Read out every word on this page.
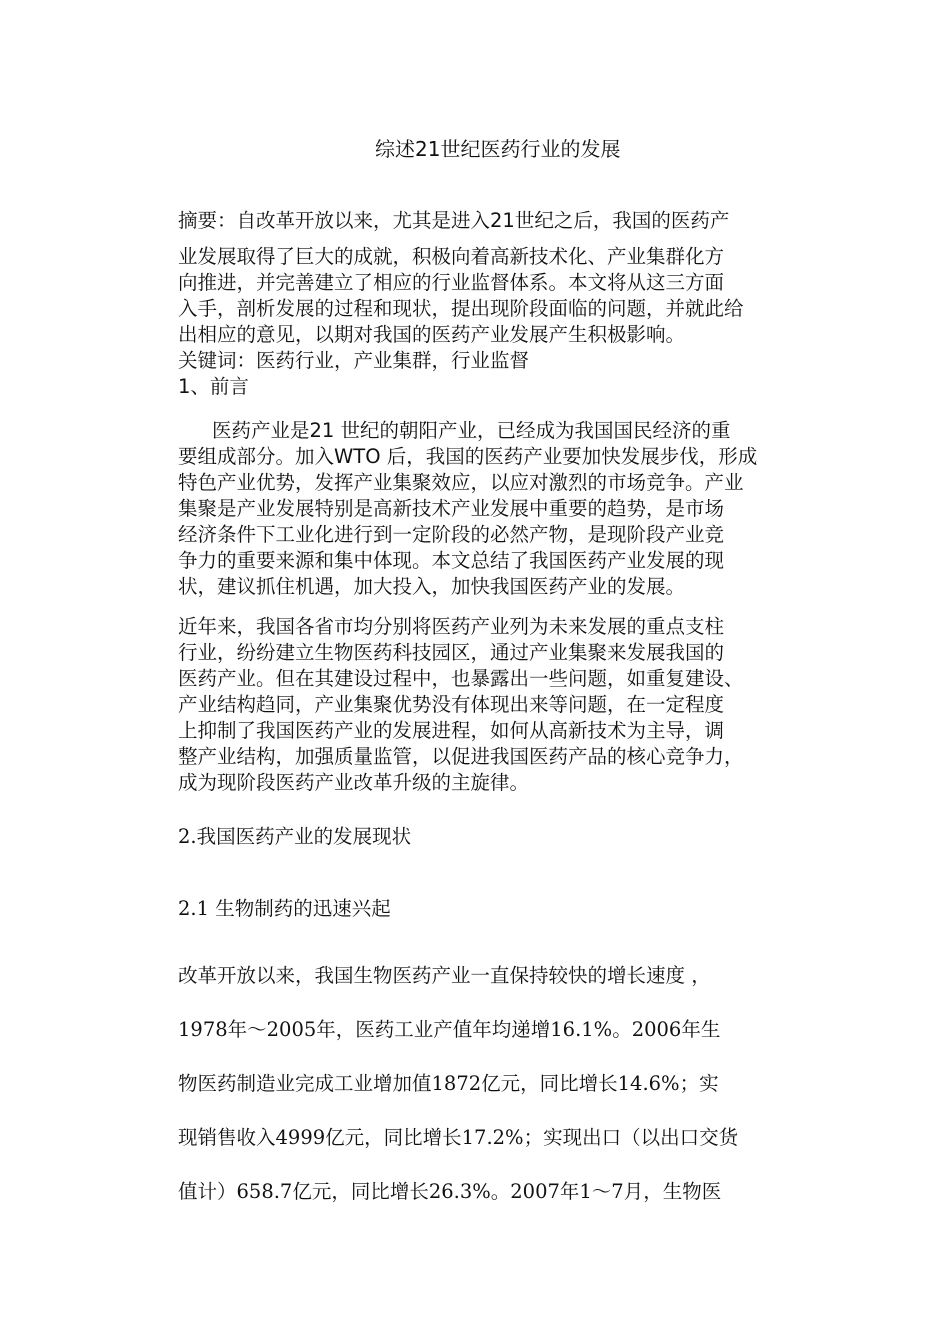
综述21世纪医药行业的发展
摘要：自改革开放以来，尤其是进入21世纪之后，我国的医药产
业发展取得了巨大的成就，积极向着高新技术化、产业集群化方
向推进，并完善建立了相应的行业监督体系。本文将从这三方面
入手，剖析发展的过程和现状，提出现阶段面临的问题，并就此给
出相应的意见，以期对我国的医药产业发展产生积极影响。
关键词：医药行业，产业集群，行业监督
1、前言
医药产业是21 世纪的朝阳产业，已经成为我国国民经济的重
要组成部分。加入WTO 后，我国的医药产业要加快发展步伐，形成
特色产业优势，发挥产业集聚效应，以应对激烈的市场竞争。产业
集聚是产业发展特别是高新技术产业发展中重要的趋势，是市场
经济条件下工业化进行到一定阶段的必然产物，是现阶段产业竞
争力的重要来源和集中体现。本文总结了我国医药产业发展的现
状，建议抓住机遇，加大投入，加快我国医药产业的发展。
近年来，我国各省市均分别将医药产业列为未来发展的重点支柱
行业，纷纷建立生物医药科技园区，通过产业集聚来发展我国的
医药产业。但在其建设过程中，也暴露出一些问题，如重复建设、
产业结构趋同，产业集聚优势没有体现出来等问题，在一定程度
上抑制了我国医药产业的发展进程，如何从高新技术为主导，调
整产业结构，加强质量监管，以促进我国医药产品的核心竞争力，
成为现阶段医药产业改革升级的主旋律。
2.我国医药产业的发展现状
2.1 生物制药的迅速兴起
改革开放以来，我国生物医药产业一直保持较快的增长速度 ，
1978年～2005年，医药工业产值年均递增16.1%。2006年生
物医药制造业完成工业增加值1872亿元，同比增长14.6%；实
现销售收入4999亿元，同比增长17.2%；实现出口（以出口交货
值计）658.7亿元，同比增长26.3%。2007年1～7月，生物医
